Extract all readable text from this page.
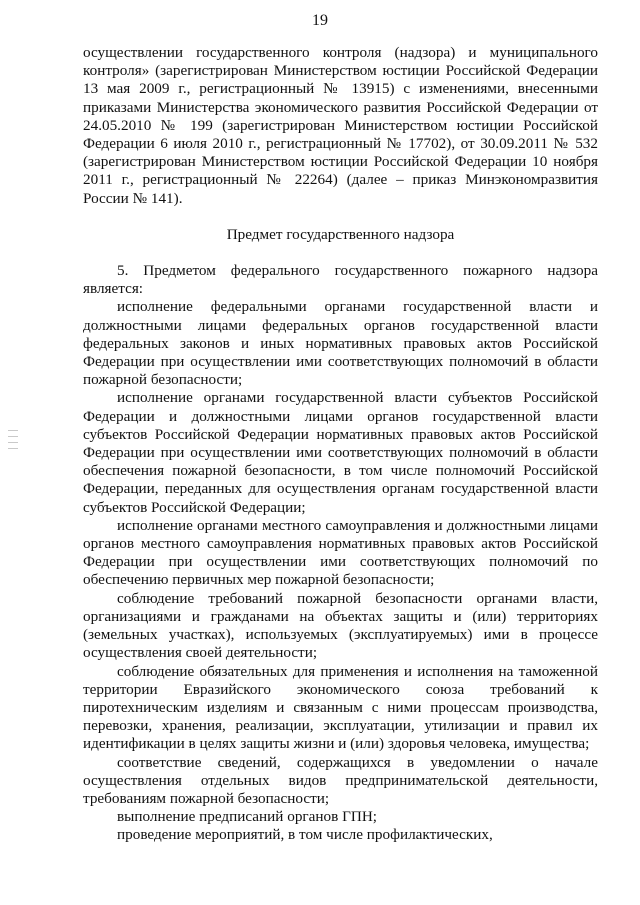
19

осуществлении государственного контроля (надзора) и муниципального контроля» (зарегистрирован Министерством юстиции Российской Федерации 13 мая 2009 г., регистрационный № 13915) с изменениями, внесенными приказами Министерства экономического развития Российской Федерации от 24.05.2010 № 199 (зарегистрирован Министерством юстиции Российской Федерации 6 июля 2010 г., регистрационный № 17702), от 30.09.2011 № 532 (зарегистрирован Министерством юстиции Российской Федерации 10 ноября 2011 г., регистрационный № 22264) (далее – приказ Минэкономразвития России № 141).

Предмет государственного надзора

5. Предметом федерального государственного пожарного надзора является:

исполнение федеральными органами государственной власти и должностными лицами федеральных органов государственной власти федеральных законов и иных нормативных правовых актов Российской Федерации при осуществлении ими соответствующих полномочий в области пожарной безопасности;

исполнение органами государственной власти субъектов Российской Федерации и должностными лицами органов государственной власти субъектов Российской Федерации нормативных правовых актов Российской Федерации при осуществлении ими соответствующих полномочий в области обеспечения пожарной безопасности, в том числе полномочий Российской Федерации, переданных для осуществления органам государственной власти субъектов Российской Федерации;

исполнение органами местного самоуправления и должностными лицами органов местного самоуправления нормативных правовых актов Российской Федерации при осуществлении ими соответствующих полномочий по обеспечению первичных мер пожарной безопасности;

соблюдение требований пожарной безопасности органами власти, организациями и гражданами на объектах защиты и (или) территориях (земельных участках), используемых (эксплуатируемых) ими в процессе осуществления своей деятельности;

соблюдение обязательных для применения и исполнения на таможенной территории Евразийского экономического союза требований к пиротехническим изделиям и связанным с ними процессам производства, перевозки, хранения, реализации, эксплуатации, утилизации и правил их идентификации в целях защиты жизни и (или) здоровья человека, имущества;

соответствие сведений, содержащихся в уведомлении о начале осуществления отдельных видов предпринимательской деятельности, требованиям пожарной безопасности;

выполнение предписаний органов ГПН;

проведение мероприятий, в том числе профилактических,
